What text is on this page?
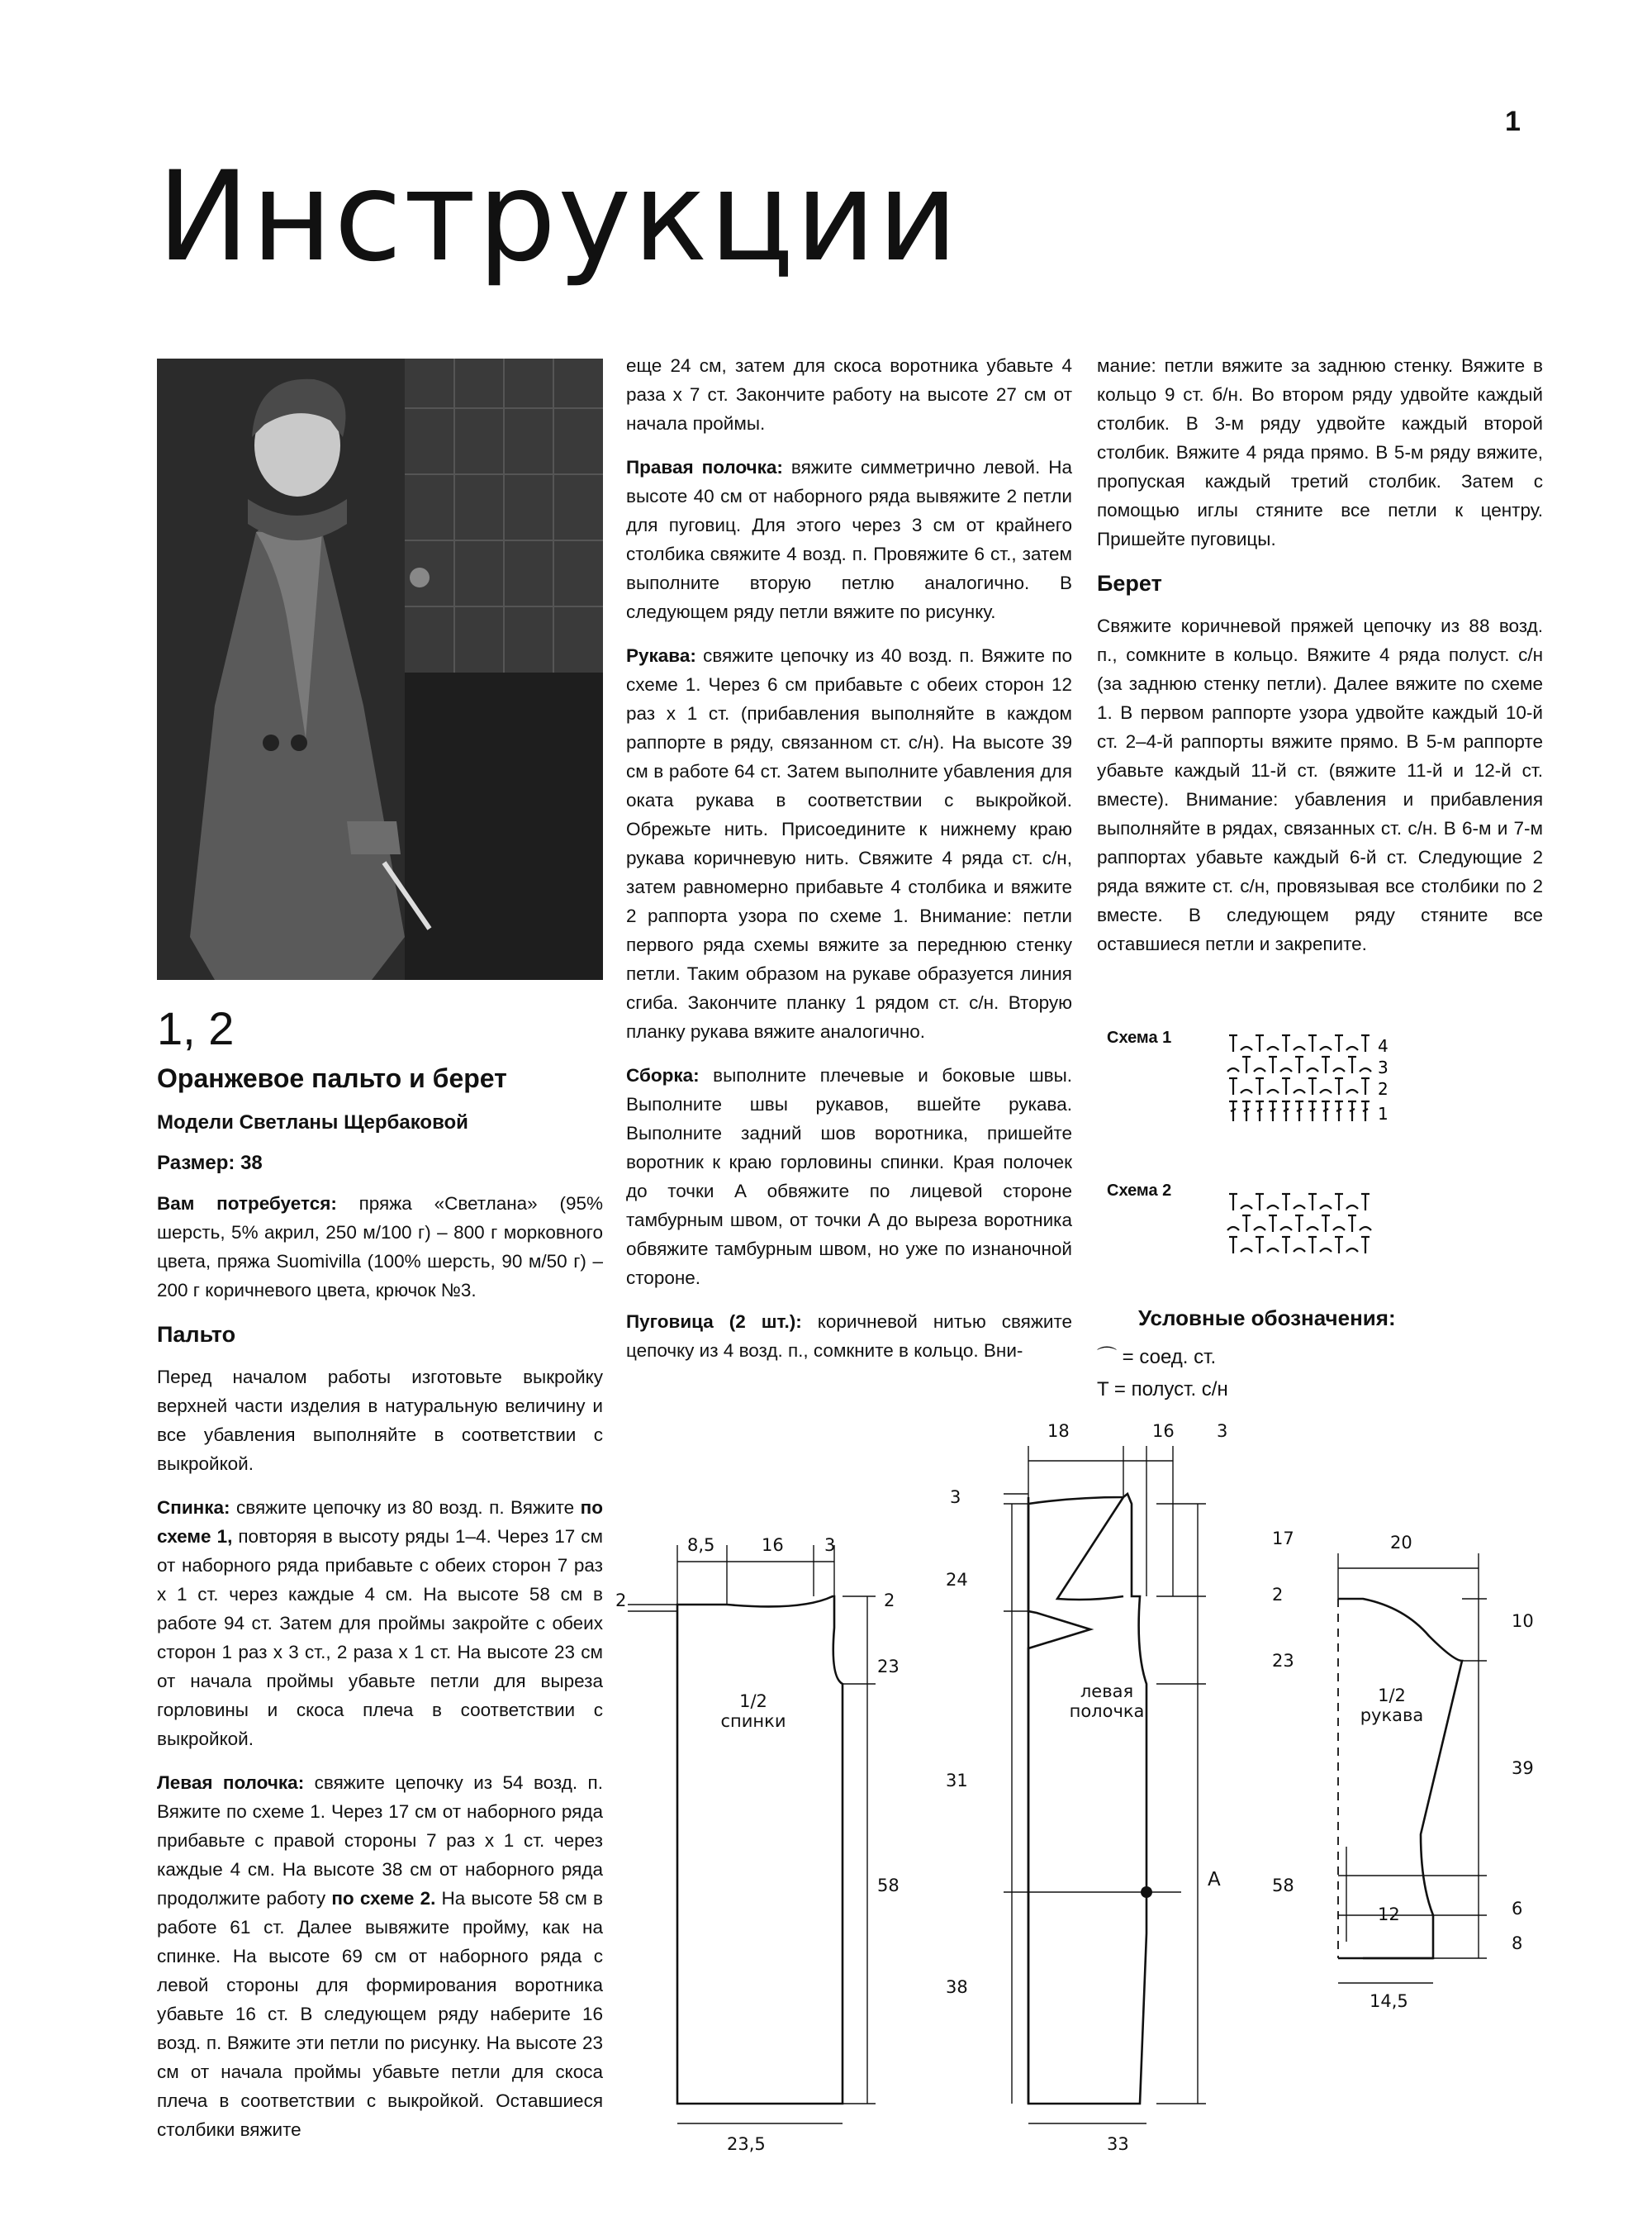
1
Инструкции
1, 2
Оранжевое пальто и берет
Модели Светланы Щербаковой
Размер: 38

Вам потребуется: пряжа «Светлана» (95% шерсть, 5% акрил, 250 м/100 г) – 800 г морковного цвета, пряжа Suomivilla (100% шерсть, 90 м/50 г) – 200 г коричневого цвета, крючок №3.

Пальто

Перед началом работы изготовьте выкройку верхней части изделия в натуральную величину и все убавления выполняйте в соответствии с выкройкой.

Спинка: свяжите цепочку из 80 возд. п. Вяжите по схеме 1, повторяя в высоту ряды 1–4. Через 17 см от наборного ряда прибавьте с обеих сторон 7 раз х 1 ст. через каждые 4 см. На высоте 58 см в работе 94 ст. Затем для проймы закройте с обеих сторон 1 раз х 3 ст., 2 раза х 1 ст. На высоте 23 см от начала проймы убавьте петли для выреза горловины и скоса плеча в соответствии с выкройкой.

Левая полочка: свяжите цепочку из 54 возд. п. Вяжите по схеме 1. Через 17 см от наборного ряда прибавьте с правой стороны 7 раз х 1 ст. через каждые 4 см. На высоте 38 см от наборного ряда продолжите работу по схеме 2. На высоте 58 см в работе 61 ст. Далее вывяжите пройму, как на спинке. На высоте 69 см от наборного ряда с левой стороны для формирования воротника убавьте 16 ст. В следующем ряду наберите 16 возд. п. Вяжите эти петли по рисунку. На высоте 23 см от начала проймы убавьте петли для скоса плеча в соответствии с выкройкой. Оставшиеся столбики вяжите

еще 24 см, затем для скоса воротника убавьте 4 раза х 7 ст. Закончите работу на высоте 27 см от начала проймы.

Правая полочка: вяжите симметрично левой. На высоте 40 см от наборного ряда вывяжите 2 петли для пуговиц. Для этого через 3 см от крайнего столбика свяжите 4 возд. п. Провяжите 6 ст., затем выполните вторую петлю аналогично. В следующем ряду петли вяжите по рисунку.

Рукава: свяжите цепочку из 40 возд. п. Вяжите по схеме 1. Через 6 см прибавьте с обеих сторон 12 раз х 1 ст. (прибавления выполняйте в каждом раппорте в ряду, связанном ст. с/н). На высоте 39 см в работе 64 ст. Затем выполните убавления для оката рукава в соответствии с выкройкой. Обрежьте нить. Присоедините к нижнему краю рукава коричневую нить. Свяжите 4 ряда ст. с/н, затем равномерно прибавьте 4 столбика и вяжите 2 раппорта узора по схеме 1. Внимание: петли первого ряда схемы вяжите за переднюю стенку петли. Таким образом на рукаве образуется линия сгиба. Закончите планку 1 рядом ст. с/н. Вторую планку рукава вяжите аналогично.

Сборка: выполните плечевые и боковые швы. Выполните швы рукавов, вшейте рукава. Выполните задний шов воротника, пришейте воротник к краю горловины спинки. Края полочек до точки А обвяжите по лицевой стороне тамбурным швом, от точки А до выреза воротника обвяжите тамбурным швом, но уже по изнаночной стороне.

Пуговица (2 шт.): коричневой нитью свяжите цепочку из 4 возд. п., сомкните в кольцо. Вни-

мание: петли вяжите за заднюю стенку. Вяжите в кольцо 9 ст. б/н. Во втором ряду удвойте каждый столбик. В 3-м ряду удвойте каждый второй столбик. Вяжите 4 ряда прямо. В 5-м ряду вяжите, пропуская каждый третий столбик. Затем с помощью иглы стяните все петли к центру. Пришейте пуговицы.

Берет

Свяжите коричневой пряжей цепочку из 88 возд. п., сомкните в кольцо. Вяжите 4 ряда полуст. с/н (за заднюю стенку петли). Далее вяжите по схеме 1. В первом раппорте узора удвойте каждый 10-й ст. 2–4-й раппорты вяжите прямо. В 5-м раппорте убавьте каждый 11-й ст. (вяжите 11-й и 12-й ст. вместе). Внимание: убавления и прибавления выполняйте в рядах, связанных ст. с/н. В 6-м и 7-м раппортах убавьте каждый 6-й ст. Следующие 2 ряда вяжите ст. с/н, провязывая все столбики по 2 вместе. В следующем ряду стяните все оставшиеся петли и закрепите.

Схема 1
Схема 2
4
3
2
1
Условные обозначения:
⌒ = соед. ст.
T = полуст. с/н
1/2
спинки
левая
полочка
1/2
рукава
A
8,5	16 3
2	2
23
58
23,5
18	16 3
3
17
24
2
23
31
58
38
33
20
10
39
12	6
8
14,5
